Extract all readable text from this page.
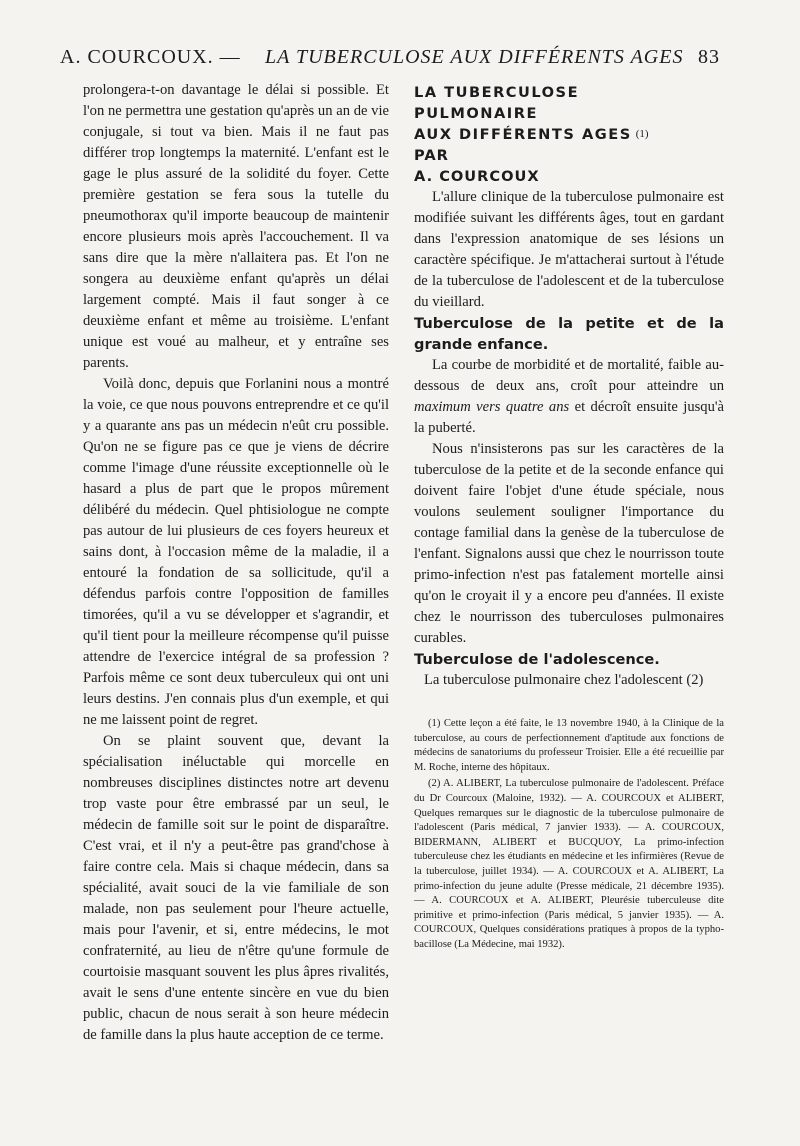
A. COURCOUX. — LA TUBERCULOSE AUX DIFFÉRENTS AGES 83

prolongera-t-on davantage le délai si possible. Et l'on ne permettra une gestation qu'après un an de vie conjugale, si tout va bien. Mais il ne faut pas différer trop longtemps la maternité. L'enfant est le gage le plus assuré de la solidité du foyer. Cette première gestation se fera sous la tutelle du pneumothorax qu'il importe beaucoup de maintenir encore plusieurs mois après l'accouchement. Il va sans dire que la mère n'allaitera pas. Et l'on ne songera au deuxième enfant qu'après un délai largement compté. Mais il faut songer à ce deuxième enfant et même au troisième. L'enfant unique est voué au malheur, et y entraîne ses parents.

Voilà donc, depuis que Forlanini nous a montré la voie, ce que nous pouvons entreprendre et ce qu'il y a quarante ans pas un médecin n'eût cru possible. Qu'on ne se figure pas ce que je viens de décrire comme l'image d'une réussite exceptionnelle où le hasard a plus de part que le propos mûrement délibéré du médecin. Quel phtisiologue ne compte pas autour de lui plusieurs de ces foyers heureux et sains dont, à l'occasion même de la maladie, il a entouré la fondation de sa sollicitude, qu'il a défendus parfois contre l'opposition de familles timorées, qu'il a vu se développer et s'agrandir, et qu'il tient pour la meilleure récompense qu'il puisse attendre de l'exercice intégral de sa profession ? Parfois même ce sont deux tuberculeux qui ont uni leurs destins. J'en connais plus d'un exemple, et qui ne me laissent point de regret.

On se plaint souvent que, devant la spécialisation inéluctable qui morcelle en nombreuses disciplines distinctes notre art devenu trop vaste pour être embrassé par un seul, le médecin de famille soit sur le point de disparaître. C'est vrai, et il n'y a peut-être pas grand'chose à faire contre cela. Mais si chaque médecin, dans sa spécialité, avait souci de la vie familiale de son malade, non pas seulement pour l'heure actuelle, mais pour l'avenir, et si, entre médecins, le mot confraternité, au lieu de n'être qu'une formule de courtoisie masquant souvent les plus âpres rivalités, avait le sens d'une entente sincère en vue du bien public, chacun de nous serait à son heure médecin de famille dans la plus haute acception de ce terme.

LA TUBERCULOSE

PULMONAIRE

AUX DIFFÉRENTS AGES $^{(1)}$

PAR

A. COURCOUX

L'allure clinique de la tuberculose pulmonaire est modifiée suivant les différents âges, tout en gardant dans l'expression anatomique de ses lésions un caractère spécifique. Je m'attacherai surtout à l'étude de la tuberculose de l'adolescent et de la tuberculose du vieillard.

Tuberculose de la petite et de la grande enfance.

La courbe de morbidité et de mortalité, faible au-dessous de deux ans, croît pour atteindre un maximum vers quatre ans et décroît ensuite jusqu'à la puberté.

Nous n'insisterons pas sur les caractères de la tuberculose de la petite et de la seconde enfance qui doivent faire l'objet d'une étude spéciale, nous voulons seulement souligner l'importance du contage familial dans la genèse de la tuberculose de l'enfant. Signalons aussi que chez le nourrisson toute primo-infection n'est pas fatalement mortelle ainsi qu'on le croyait il y a encore peu d'années. Il existe chez le nourrisson des tuberculoses pulmonaires curables.

Tuberculose de l'adolescence.

La tuberculose pulmonaire chez l'adolescent (2)

(1) Cette leçon a été faite, le 13 novembre 1940, à la Clinique de la tuberculose, au cours de perfectionnement d'aptitude aux fonctions de médecins de sanatoriums du professeur Troisier. Elle a été recueillie par M. Roche, interne des hôpitaux.

(2) A. ALIBERT, La tuberculose pulmonaire de l'adolescent. Préface du Dr Courcoux (Maloine, 1932). — A. COURCOUX et ALIBERT, Quelques remarques sur le diagnostic de la tuberculose pulmonaire de l'adolescent (Paris médical, 7 janvier 1933). — A. COURCOUX, BIDERMANN, ALIBERT et BUCQUOY, La primo-infection tuberculeuse chez les étudiants en médecine et les infirmières (Revue de la tuberculose, juillet 1934). — A. COURCOUX et A. ALIBERT, La primo-infection du jeune adulte (Presse médicale, 21 décembre 1935). — A. COURCOUX et A. ALIBERT, Pleurésie tuberculeuse dite primitive et primo-infection (Paris médical, 5 janvier 1935). — A. COURCOUX, Quelques considérations pratiques à propos de la typho-bacillose (La Médecine, mai 1932).
